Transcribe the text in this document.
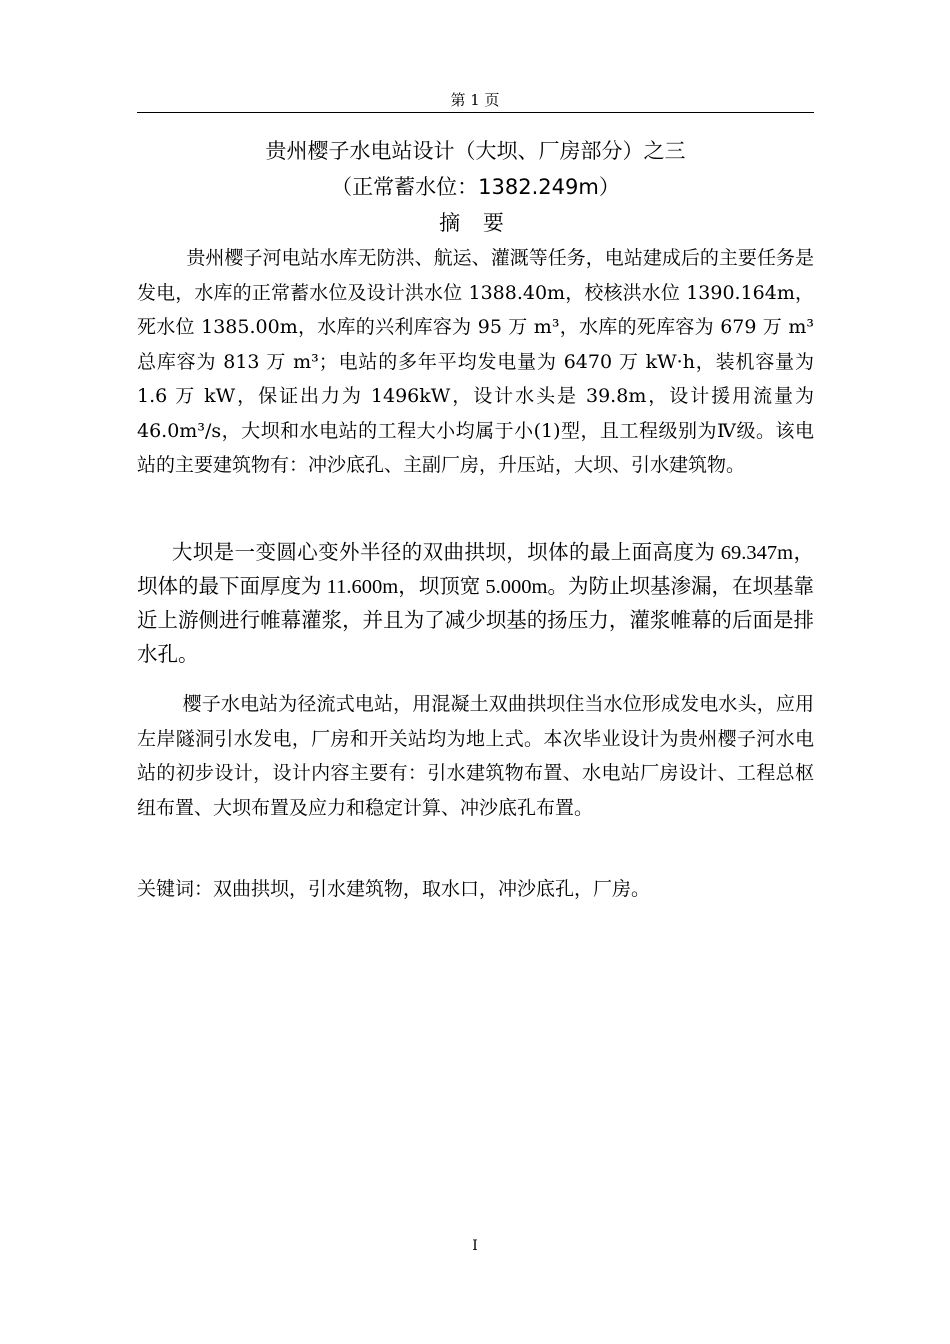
第 1 页
贵州樱子水电站设计（大坝、厂房部分）之三
（正常蓄水位：1382.249m）
摘 要

贵州樱子河电站水库无防洪、航运、灌溉等任务，电站建成后的主要任务是发电，水库的正常蓄水位及设计洪水位 1388.40m，校核洪水位 1390.164m，死水位 1385.00m，水库的兴利库容为 95 万 m³，水库的死库容为 679 万 m³ 总库容为 813 万 m³；电站的多年平均发电量为 6470 万 kW·h，装机容量为 1.6 万 kW，保证出力为 1496kW，设计水头是 39.8m，设计援用流量为 46.0m³/s，大坝和水电站的工程大小均属于小(1)型，且工程级别为Ⅳ级。该电站的主要建筑物有：冲沙底孔、主副厂房，升压站，大坝、引水建筑物。

大坝是一变圆心变外半径的双曲拱坝，坝体的最上面高度为 69.347m，坝体的最下面厚度为 11.600m，坝顶宽 5.000m。为防止坝基渗漏，在坝基靠近上游侧进行帷幕灌浆，并且为了减少坝基的扬压力，灌浆帷幕的后面是排水孔。

樱子水电站为径流式电站，用混凝土双曲拱坝住当水位形成发电水头，应用左岸隧洞引水发电，厂房和开关站均为地上式。本次毕业设计为贵州樱子河水电站的初步设计，设计内容主要有：引水建筑物布置、水电站厂房设计、工程总枢纽布置、大坝布置及应力和稳定计算、冲沙底孔布置。

关键词：双曲拱坝，引水建筑物，取水口，冲沙底孔，厂房。
I
